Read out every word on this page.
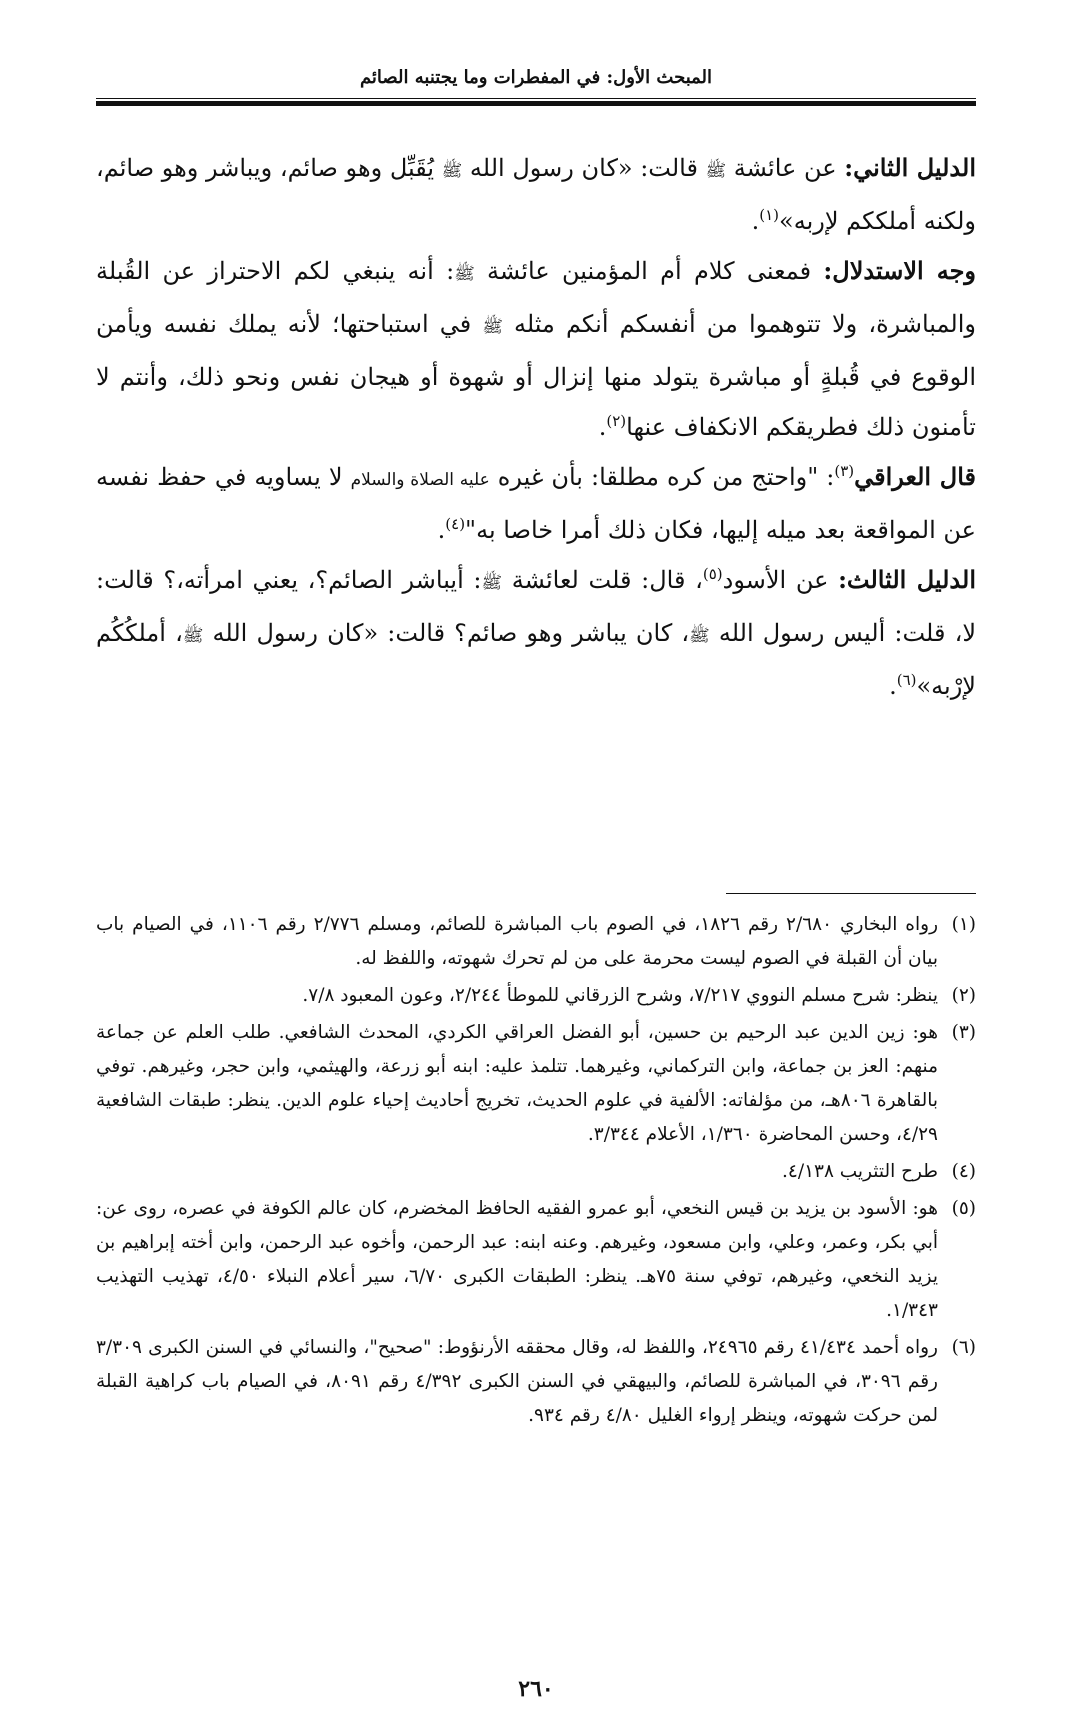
المبحث الأول: في المفطرات وما يجتنبه الصائم

الدليل الثاني: عن عائشة ﷺ قالت: «كان رسول الله ﷺ يُقَبِّل وهو صائم، ويباشر وهو صائم، ولكنه أملككم لإربه»$^{(١)}$.

وجه الاستدلال: فمعنى كلام أم المؤمنين عائشة ﷺ: أنه ينبغي لكم الاحتراز عن القُبلة والمباشرة، ولا تتوهموا من أنفسكم أنكم مثله ﷺ في استباحتها؛ لأنه يملك نفسه ويأمن الوقوع في قُبلةٍ أو مباشرة يتولد منها إنزال أو شهوة أو هيجان نفس ونحو ذلك، وأنتم لا تأمنون ذلك فطريقكم الانكفاف عنها$^{(٢)}$.

قال العراقي$^{(٣)}$: "واحتج من كره مطلقا: بأن غيره عليه الصلاة والسلام لا يساويه في حفظ نفسه عن المواقعة بعد ميله إليها، فكان ذلك أمرا خاصا به"$^{(٤)}$.

الدليل الثالث: عن الأسود$^{(٥)}$، قال: قلت لعائشة ﷺ: أيباشر الصائم؟، يعني امرأته،؟ قالت: لا، قلت: أليس رسول الله ﷺ، كان يباشر وهو صائم؟ قالت: «كان رسول الله ﷺ، أملكُكُم لإرْبه»$^{(٦)}$.

(١)
رواه البخاري ٢/٦٨٠ رقم ١٨٢٦، في الصوم باب المباشرة للصائم، ومسلم ٢/٧٧٦ رقم ١١٠٦، في الصيام باب بيان أن القبلة في الصوم ليست محرمة على من لم تحرك شهوته، واللفظ له.

(٢)
ينظر: شرح مسلم النووي ٧/٢١٧، وشرح الزرقاني للموطأ ٢/٢٤٤، وعون المعبود ٧/٨.

(٣)
هو: زين الدين عبد الرحيم بن حسين، أبو الفضل العراقي الكردي، المحدث الشافعي. طلب العلم عن جماعة منهم: العز بن جماعة، وابن التركماني، وغيرهما. تتلمذ عليه: ابنه أبو زرعة، والهيثمي، وابن حجر، وغيرهم. توفي بالقاهرة ٨٠٦هـ، من مؤلفاته: الألفية في علوم الحديث، تخريج أحاديث إحياء علوم الدين. ينظر: طبقات الشافعية ٤/٢٩، وحسن المحاضرة ١/٣٦٠، الأعلام ٣/٣٤٤.

(٤)
طرح التثريب ٤/١٣٨.

(٥)
هو: الأسود بن يزيد بن قيس النخعي، أبو عمرو الفقيه الحافظ المخضرم، كان عالم الكوفة في عصره، روى عن: أبي بكر، وعمر، وعلي، وابن مسعود، وغيرهم. وعنه ابنه: عبد الرحمن، وأخوه عبد الرحمن، وابن أخته إبراهيم بن يزيد النخعي، وغيرهم، توفي سنة ٧٥هـ. ينظر: الطبقات الكبرى ٦/٧٠، سير أعلام النبلاء ٤/٥٠، تهذيب التهذيب ١/٣٤٣.

(٦)
رواه أحمد ٤١/٤٣٤ رقم ٢٤٩٦٥، واللفظ له، وقال محققه الأرنؤوط: "صحيح"، والنسائي في السنن الكبرى ٣/٣٠٩ رقم ٣٠٩٦، في المباشرة للصائم، والبيهقي في السنن الكبرى ٤/٣٩٢ رقم ٨٠٩١، في الصيام باب كراهية القبلة لمن حركت شهوته، وينظر إرواء الغليل ٤/٨٠ رقم ٩٣٤.

٢٦٠
